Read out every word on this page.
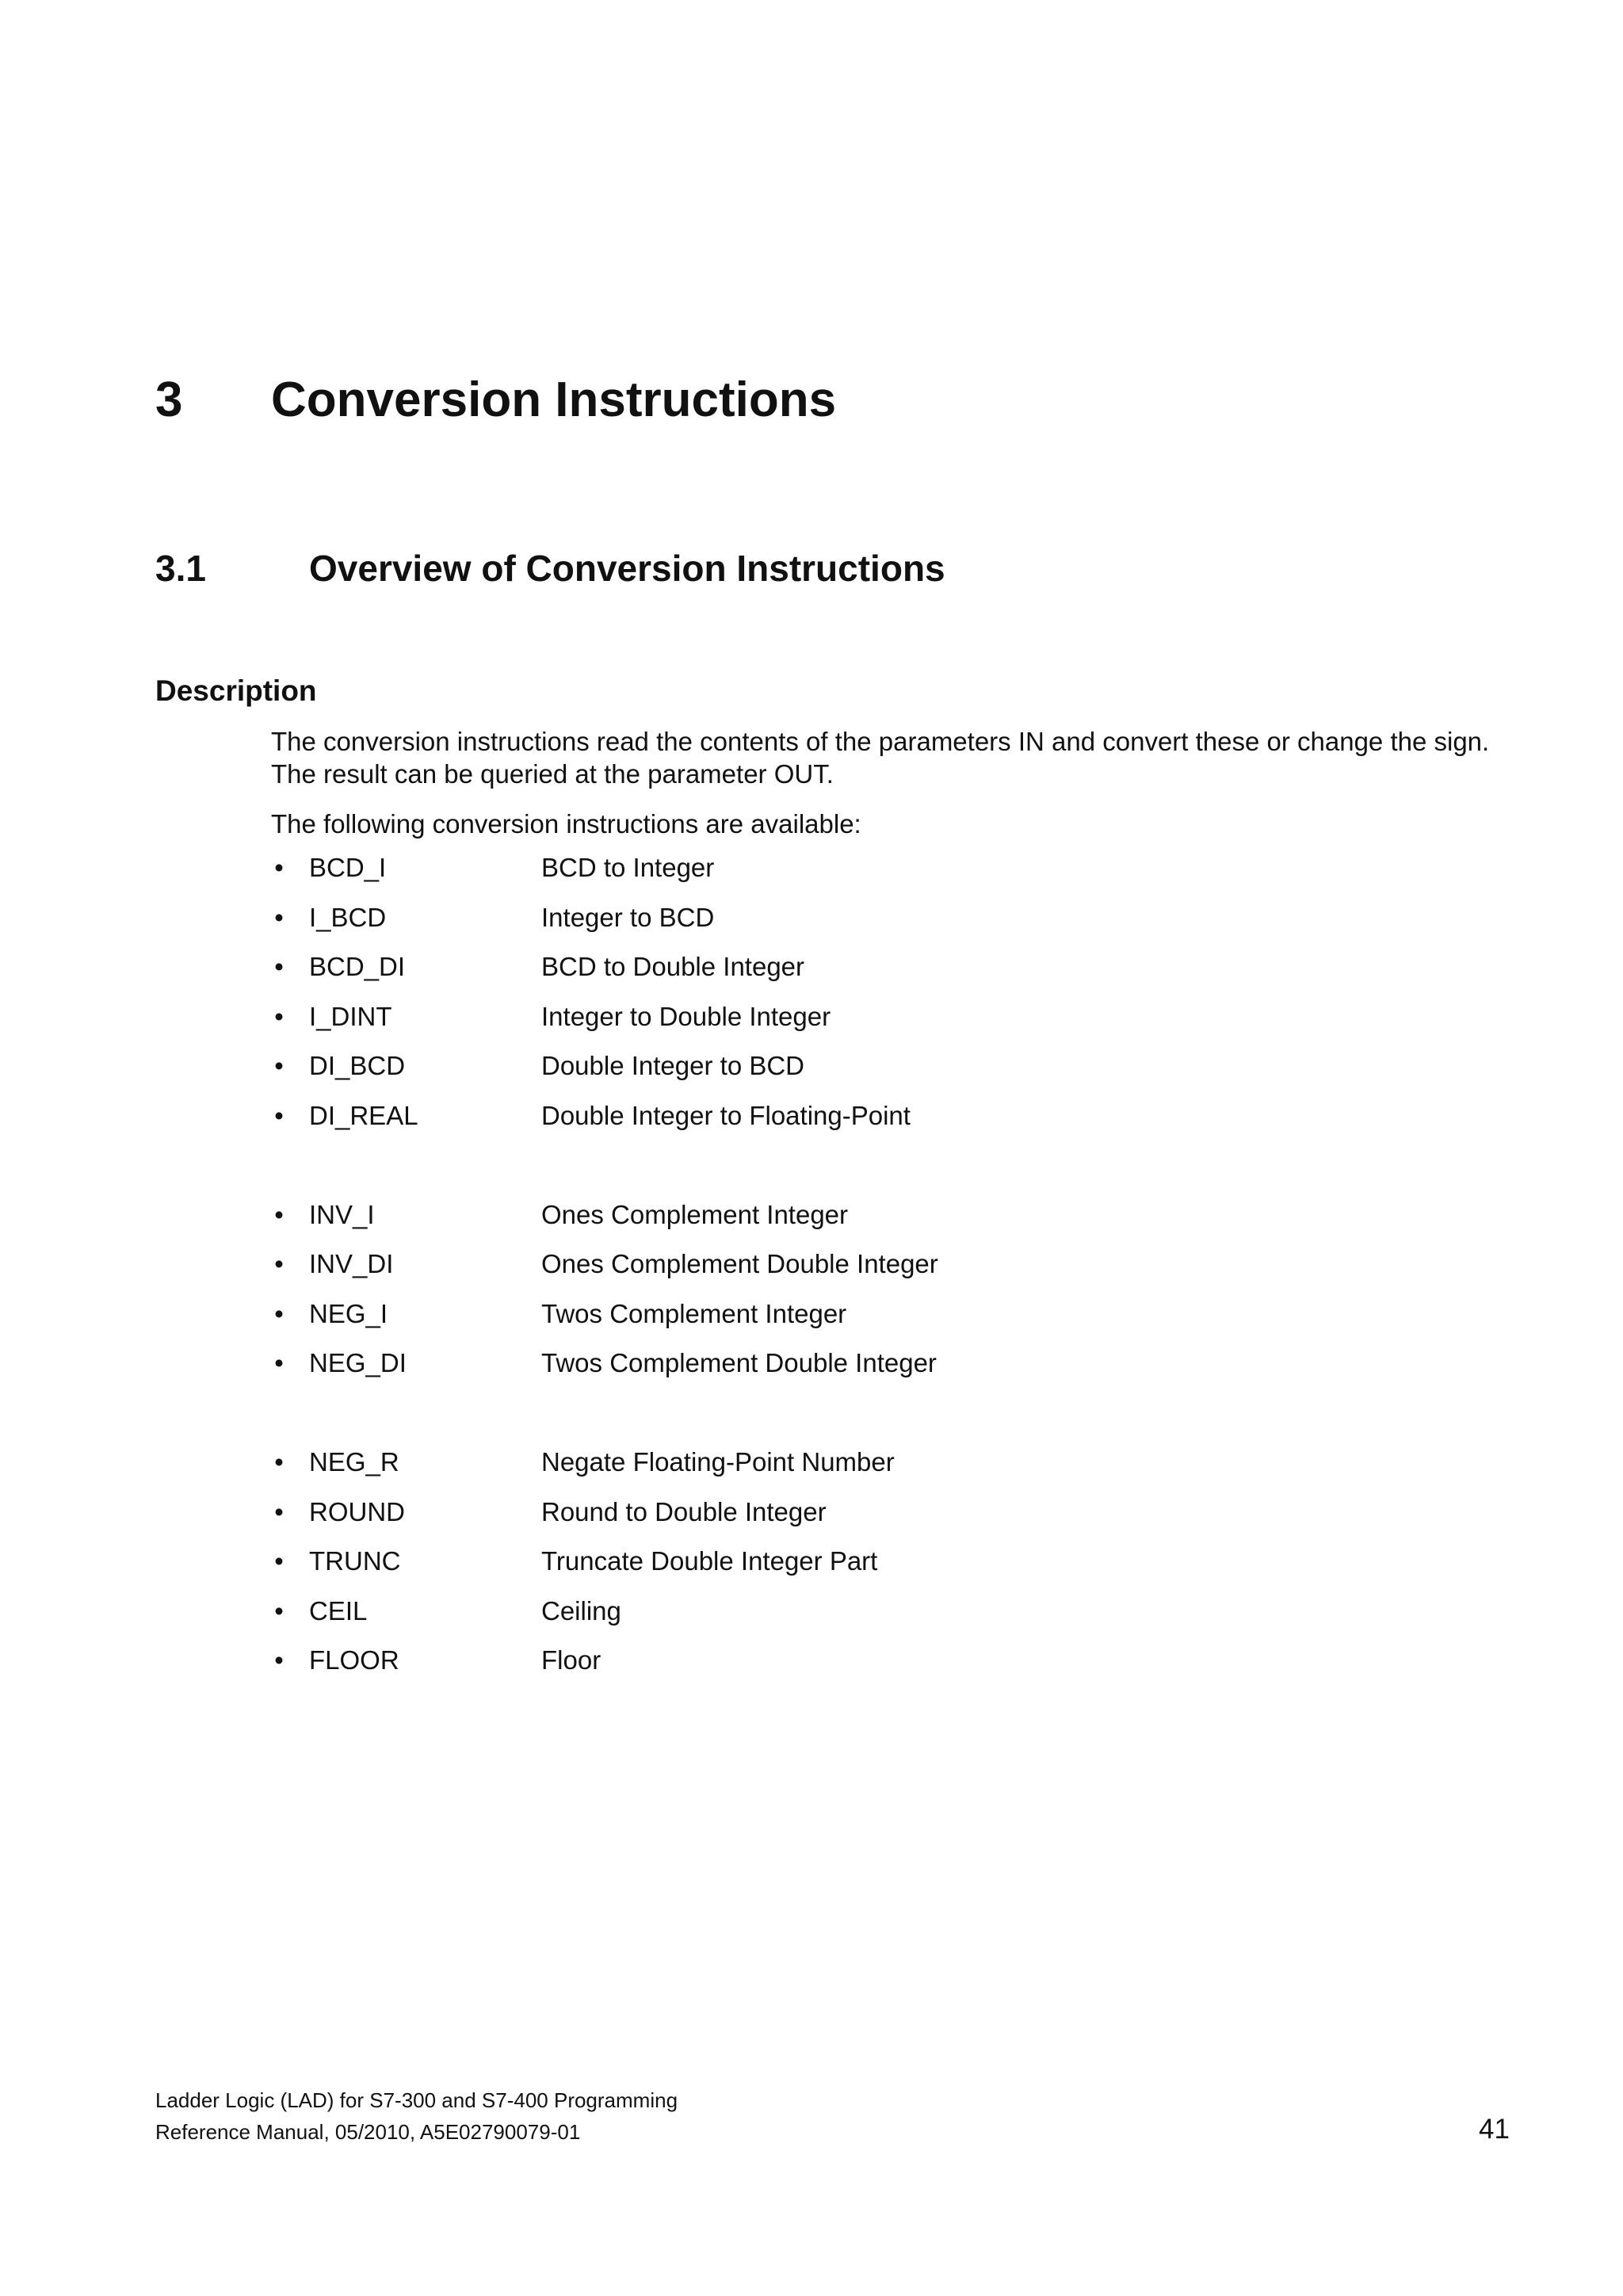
3 Conversion Instructions
3.1	Overview of Conversion Instructions
Description

The conversion instructions read the contents of the parameters IN and convert these or change the sign. The result can be queried at the parameter OUT.

The following conversion instructions are available:

• BCD_I	BCD to Integer
• I_BCD	Integer to BCD
• BCD_DI	BCD to Double Integer
• I_DINT	Integer to Double Integer
• DI_BCD	Double Integer to BCD
• DI_REAL	Double Integer to Floating-Point
• INV_I	Ones Complement Integer
• INV_DI	Ones Complement Double Integer
• NEG_I	Twos Complement Integer
• NEG_DI	Twos Complement Double Integer
• NEG_R	Negate Floating-Point Number
• ROUND	Round to Double Integer
• TRUNC	Truncate Double Integer Part
• CEIL	Ceiling
• FLOOR	Floor
Ladder Logic (LAD) for S7-300 and S7-400 Programming
Reference Manual, 05/2010, A5E02790079-01	41
